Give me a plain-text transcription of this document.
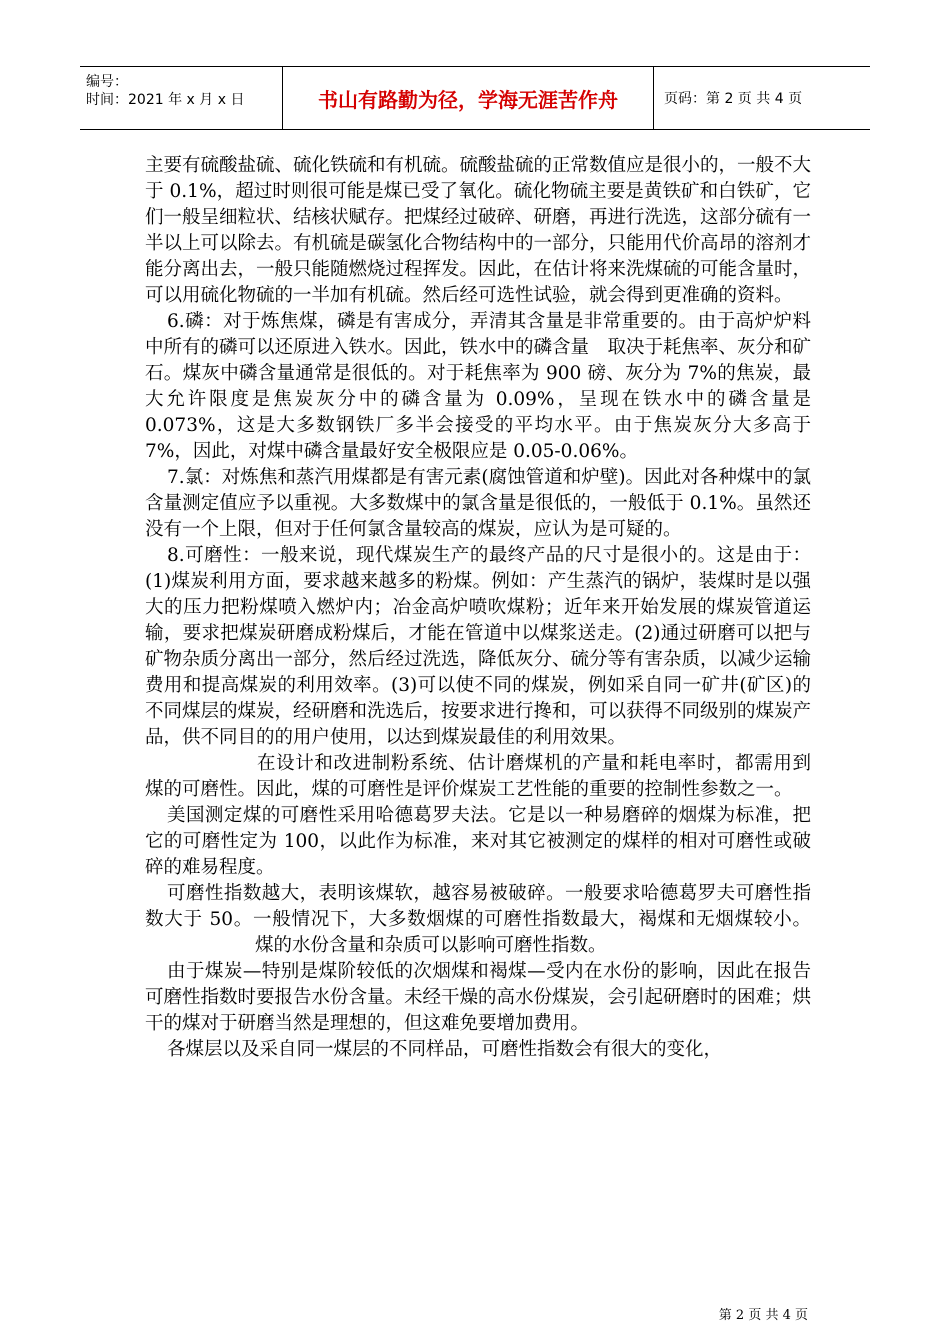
编号：
时间：2021 年 x 月 x 日	书山有路勤为径，学海无涯苦作舟	页码：第 2 页 共 4 页

主要有硫酸盐硫、硫化铁硫和有机硫。硫酸盐硫的正常数值应是很小的，一般不大于 0.1%，超过时则很可能是煤已受了氧化。硫化物硫主要是黄铁矿和白铁矿，它们一般呈细粒状、结核状赋存。把煤经过破碎、研磨，再进行洗选，这部分硫有一半以上可以除去。有机硫是碳氢化合物结构中的一部分，只能用代价高昂的溶剂才能分离出去，一般只能随燃烧过程挥发。因此，在估计将来洗煤硫的可能含量时，可以用硫化物硫的一半加有机硫。然后经可选性试验，就会得到更准确的资料。

6.磷：对于炼焦煤，磷是有害成分，弄清其含量是非常重要的。由于高炉炉料中所有的磷可以还原进入铁水。因此，铁水中的磷含量　取决于耗焦率、灰分和矿石。煤灰中磷含量通常是很低的。对于耗焦率为 900 磅、灰分为 7%的焦炭，最大允许限度是焦炭灰分中的磷含量为 0.09%，呈现在铁水中的磷含量是 0.073%，这是大多数钢铁厂多半会接受的平均水平。由于焦炭灰分大多高于 7%，因此，对煤中磷含量最好安全极限应是 0.05-0.06%。

7.氯：对炼焦和蒸汽用煤都是有害元素(腐蚀管道和炉壁)。因此对各种煤中的氯含量测定值应予以重视。大多数煤中的氯含量是很低的，一般低于 0.1%。虽然还没有一个上限，但对于任何氯含量较高的煤炭，应认为是可疑的。

8.可磨性：一般来说，现代煤炭生产的最终产品的尺寸是很小的。这是由于：(1)煤炭利用方面，要求越来越多的粉煤。例如：产生蒸汽的锅炉，装煤时是以强大的压力把粉煤喷入燃炉内；冶金高炉喷吹煤粉；近年来开始发展的煤炭管道运输，要求把煤炭研磨成粉煤后，才能在管道中以煤浆送走。(2)通过研磨可以把与矿物杂质分离出一部分，然后经过洗选，降低灰分、硫分等有害杂质，以减少运输费用和提高煤炭的利用效率。(3)可以使不同的煤炭，例如采自同一矿井(矿区)的不同煤层的煤炭，经研磨和洗选后，按要求进行搀和，可以获得不同级别的煤炭产品，供不同目的的用户使用，以达到煤炭最佳的利用效果。

在设计和改进制粉系统、估计磨煤机的产量和耗电率时，都需用到煤的可磨性。因此，煤的可磨性是评价煤炭工艺性能的重要的控制性参数之一。

美国测定煤的可磨性采用哈德葛罗夫法。它是以一种易磨碎的烟煤为标准，把它的可磨性定为 100，以此作为标准，来对其它被测定的煤样的相对可磨性或破碎的难易程度。

可磨性指数越大，表明该煤软，越容易被破碎。一般要求哈德葛罗夫可磨性指数大于 50。一般情况下，大多数烟煤的可磨性指数最大，褐煤和无烟煤较小。煤的水份含量和杂质可以影响可磨性指数。

由于煤炭—特别是煤阶较低的次烟煤和褐煤—受内在水份的影响，因此在报告可磨性指数时要报告水份含量。未经干燥的高水份煤炭，会引起研磨时的困难；烘干的煤对于研磨当然是理想的，但这难免要增加费用。

各煤层以及采自同一煤层的不同样品，可磨性指数会有很大的变化，

第 2 页 共 4 页
